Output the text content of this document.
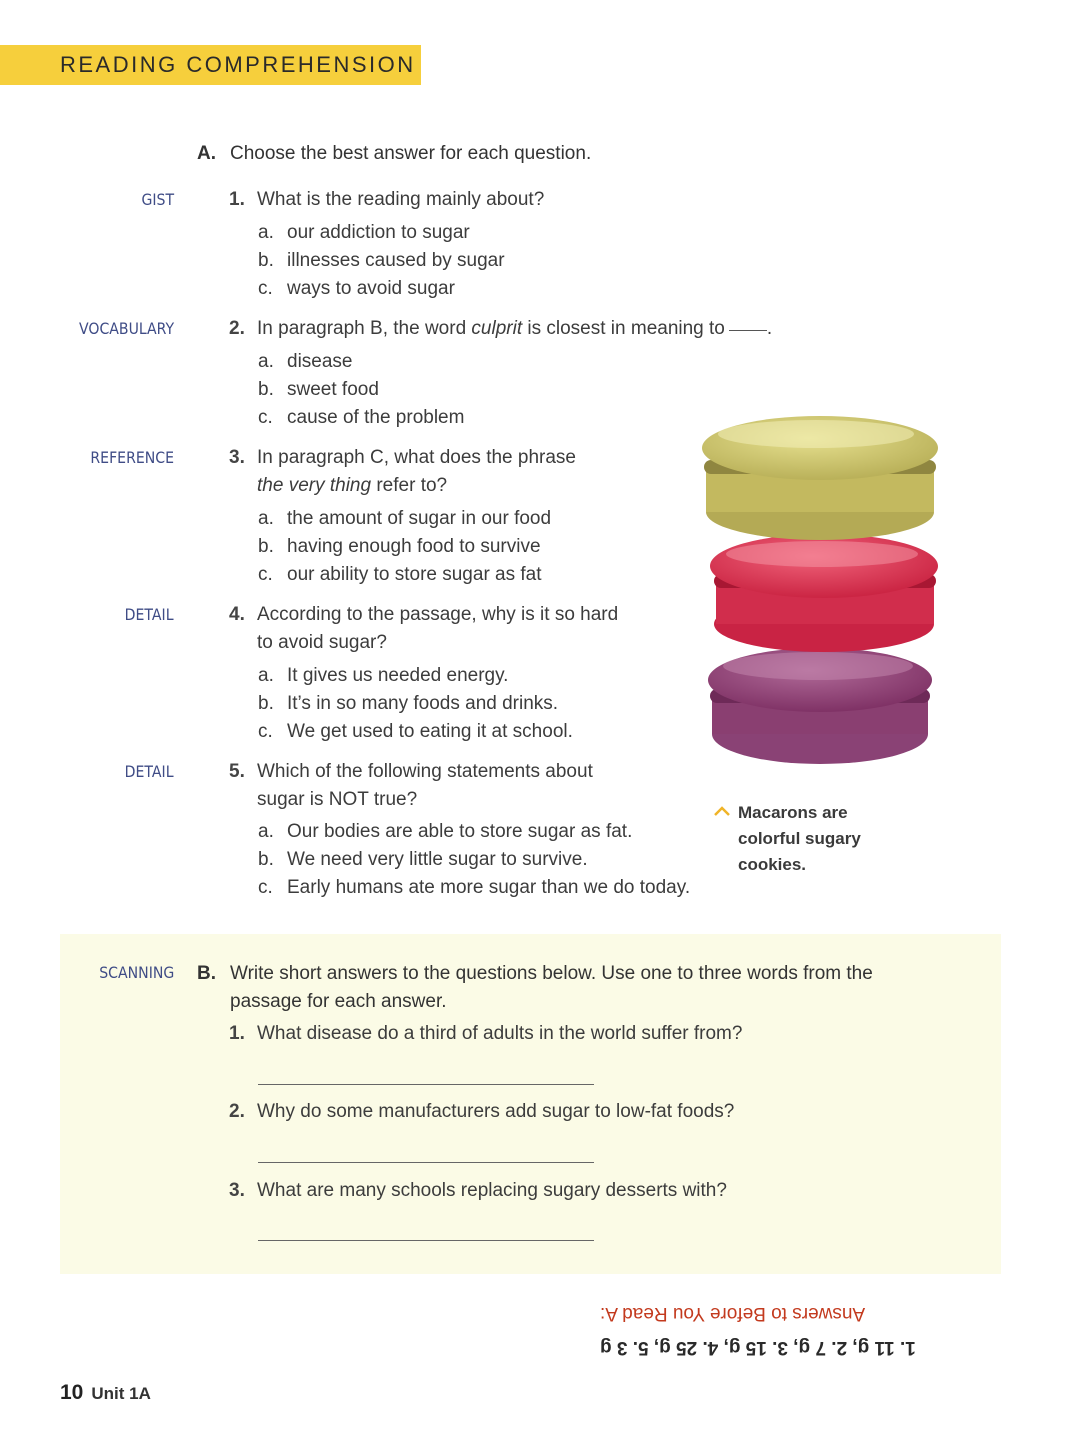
READING COMPREHENSION
A. Choose the best answer for each question.
GIST	1. What is the reading mainly about?
a. our addiction to sugar
b. illnesses caused by sugar
c. ways to avoid sugar
VOCABULARY	2. In paragraph B, the word culprit is closest in meaning to .
a. disease
b. sweet food
c. cause of the problem
REFERENCE	3. In paragraph C, what does the phrase
the very thing refer to?
a. the amount of sugar in our food
b. having enough food to survive
c. our ability to store sugar as fat
DETAIL	4. According to the passage, why is it so hard
to avoid sugar?
a. It gives us needed energy.
b. It’s in so many foods and drinks.
c. We get used to eating it at school.
DETAIL	5. Which of the following statements about
sugar is NOT true?
a. Our bodies are able to store sugar as fat.
b. We need very little sugar to survive.
c. Early humans ate more sugar than we do today.
Macarons are
colorful sugary
cookies.
SCANNING B. Write short answers to the questions below. Use one to three words from the
passage for each answer.
1. What disease do a third of adults in the world suffer from?
2. Why do some manufacturers add sugar to low-fat foods?
3. What are many schools replacing sugary desserts with?
Answers to Before You Read A:
1. 11 g, 2. 7 g, 3. 15 g, 4. 25 g, 5. 3 g
10 Unit 1A
